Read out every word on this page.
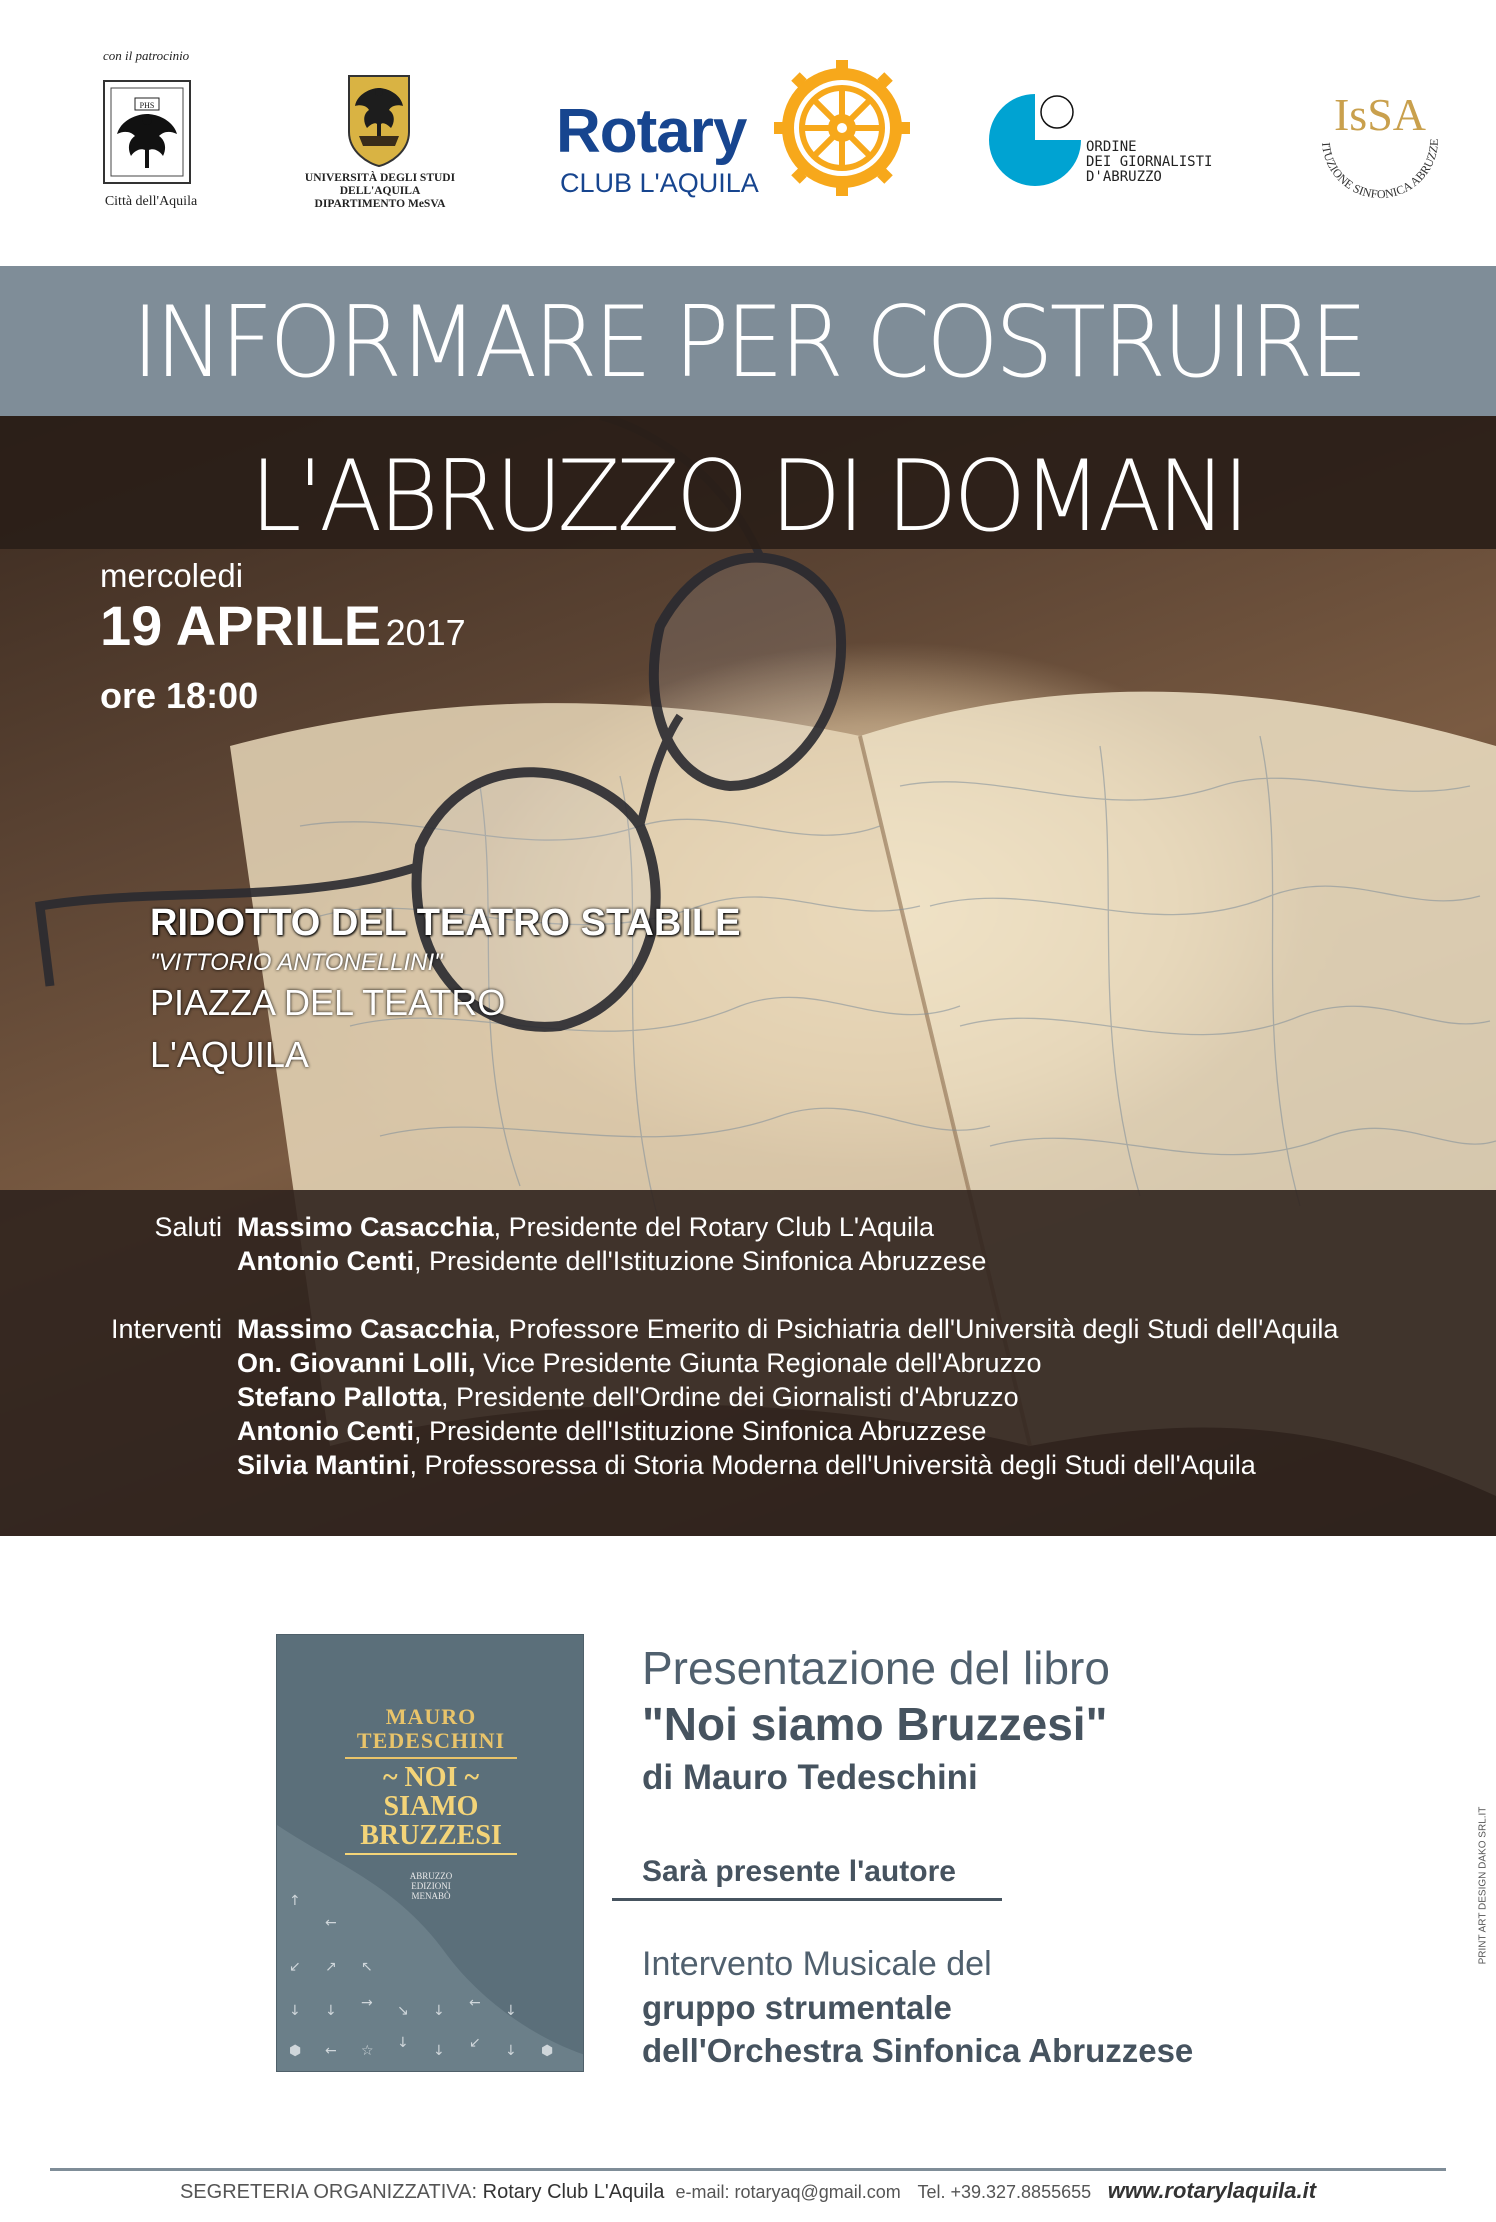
con il patrocinio
PHS
Città dell'Aquila
UNIVERSITÀ DEGLI STUDI
DELL'AQUILA
DIPARTIMENTO MeSVA
Rotary
CLUB L'AQUILA
ORDINE
DEI GIORNALISTI
D'ABRUZZO
IѕSA
ITUZIONE SINFONICA ABRUZZE
INFORMARE PER COSTRUIRE
L'ABRUZZO DI DOMANI
mercoledi
19 APRILE 2017
ore 18:00
RIDOTTO DEL TEATRO STABILE
"VITTORIO ANTONELLINI"
PIAZZA DEL TEATRO
L'AQUILA
Saluti Massimo Casacchia, Presidente del Rotary Club L'Aquila
Antonio Centi, Presidente dell'Istituzione Sinfonica Abruzzese
Interventi Massimo Casacchia, Professore Emerito di Psichiatria dell'Università degli Studi dell'Aquila
On. Giovanni Lolli, Vice Presidente Giunta Regionale dell'Abruzzo
Stefano Pallotta, Presidente dell'Ordine dei Giornalisti d'Abruzzo
Antonio Centi, Presidente dell'Istituzione Sinfonica Abruzzese
Silvia Mantini, Professoressa di Storia Moderna dell'Università degli Studi dell'Aquila
↑
←
↙ ↗ ↖
↓ ↓ → ↘ ↓
⬢ ← ☆ ↓ ↓ ↙ ↓ ⬢
← ↓
MAURO
TEDESCHINI
~ NOI ~
SIAMO
BRUZZESI
ABRUZZO
EDIZIONI
MENABÒ
Presentazione del libro
"Noi siamo Bruzzesi"
di Mauro Tedeschini
Sarà presente l'autore
Intervento Musicale del
gruppo strumentale
dell'Orchestra Sinfonica Abruzzese
PRINT ART DESIGN DAKO SRL.IT
SEGRETERIA ORGANIZZATIVA: Rotary Club L'Aquila e-mail: rotaryaq@gmail.com Tel. +39.327.8855655 www.rotarylaquila.it
